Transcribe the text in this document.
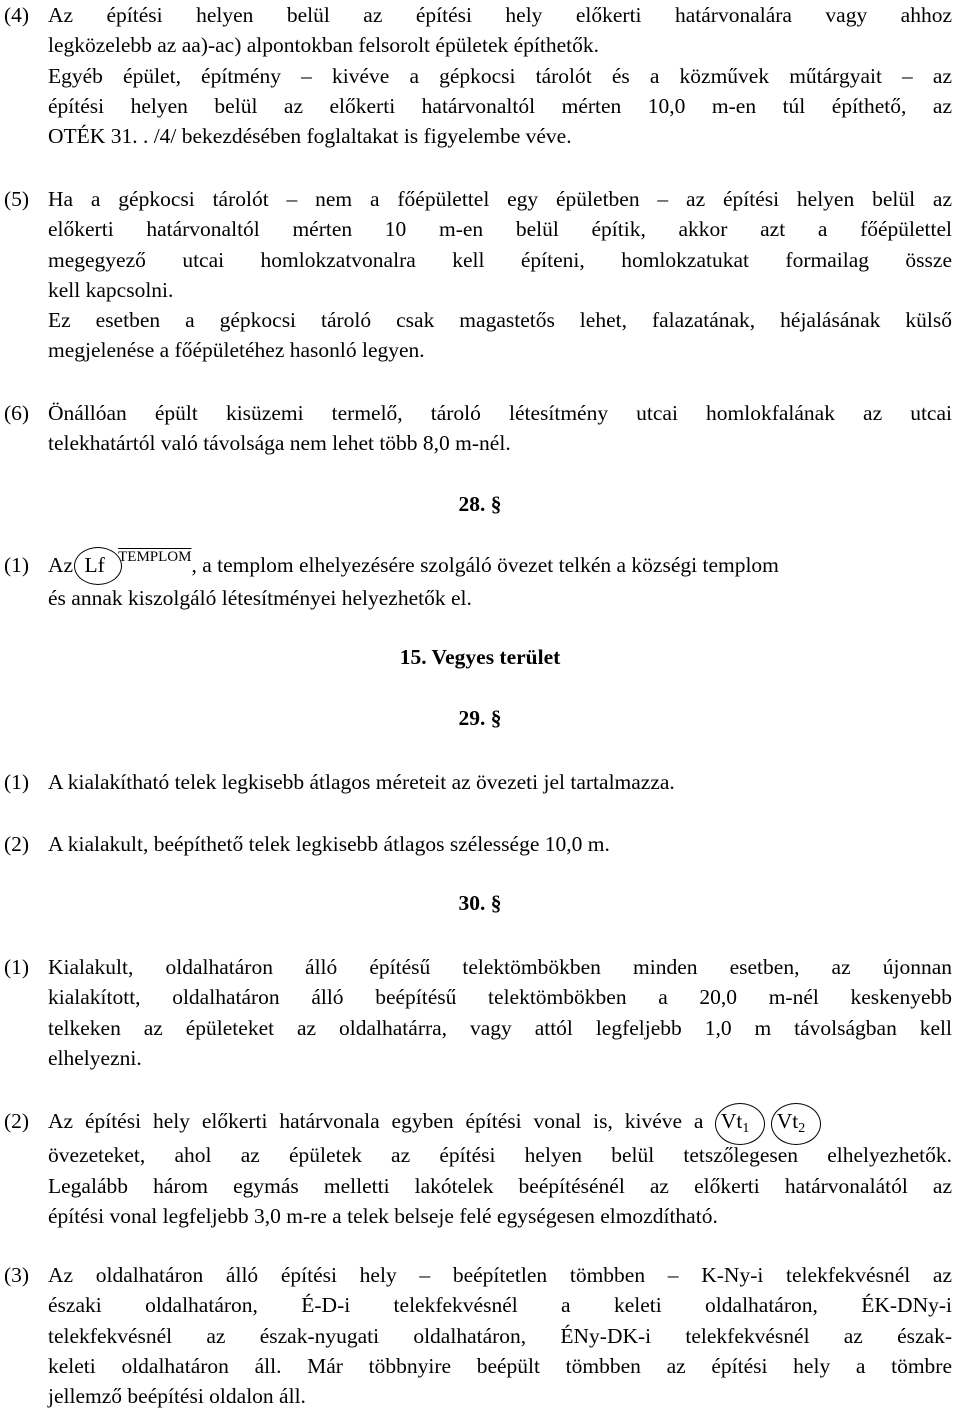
(4) Az építési helyen belül az építési hely előkerti határvonalára vagy ahhoz
legközelebb az aa)-ac) alpontokban felsorolt épületek építhetők.
Egyéb épület, építmény – kivéve a gépkocsi tárolót és a közművek műtárgyait – az
építési helyen belül az előkerti határvonaltól mérten 10,0 m-en túl építhető, az
OTÉK 31. . /4/ bekezdésében foglaltakat is figyelembe véve.
(5) Ha a gépkocsi tárolót – nem a főépülettel egy épületben – az építési helyen belül az
előkerti határvonaltól mérten 10 m-en belül építik, akkor azt a főépülettel
megegyező utcai homlokzatvonalra kell építeni, homlokzatukat formailag össze
kell kapcsolni.
Ez esetben a gépkocsi tároló csak magastetős lehet, falazatának, héjalásának külső
megjelenése a főépületéhez hasonló legyen.
(6) Önállóan épült kisüzemi termelő, tároló létesítmény utcai homlokfalának az utcai
telekhatártól való távolsága nem lehet több 8,0 m-nél.
28. §
(1) Az Lf $^{TEMPLOM}$, a templom elhelyezésére szolgáló övezet telkén a községi templom
és annak kiszolgáló létesítményei helyezhetők el.
15. Vegyes terület
29. §
(1) A kialakítható telek legkisebb átlagos méreteit az övezeti jel tartalmazza.
(2) A kialakult, beépíthető telek legkisebb átlagos szélessége 10,0 m.
30. §
(1) Kialakult, oldalhatáron álló építésű telektömbökben minden esetben, az újonnan
kialakított, oldalhatáron álló beépítésű telektömbökben a 20,0 m-nél keskenyebb
telkeken az épületeket az oldalhatárra, vagy attól legfeljebb 1,0 m távolságban kell
elhelyezni.
(2) Az építési hely előkerti határvonala egyben építési vonal is, kivéve a Vt1 Vt2
övezeteket, ahol az épületek az építési helyen belül tetszőlegesen elhelyezhetők.
Legalább három egymás melletti lakótelek beépítésénél az előkerti határvonalától az
építési vonal legfeljebb 3,0 m-re a telek belseje felé egységesen elmozdítható.
(3) Az oldalhatáron álló építési hely – beépítetlen tömbben – K-Ny-i telekfekvésnél az
északi oldalhatáron, É-D-i telekfekvésnél a keleti oldalhatáron, ÉK-DNy-i
telekfekvésnél az észak-nyugati oldalhatáron, ÉNy-DK-i telekfekvésnél az észak-
keleti oldalhatáron áll. Már többnyire beépült tömbben az építési hely a tömbre
jellemző beépítési oldalon áll.
